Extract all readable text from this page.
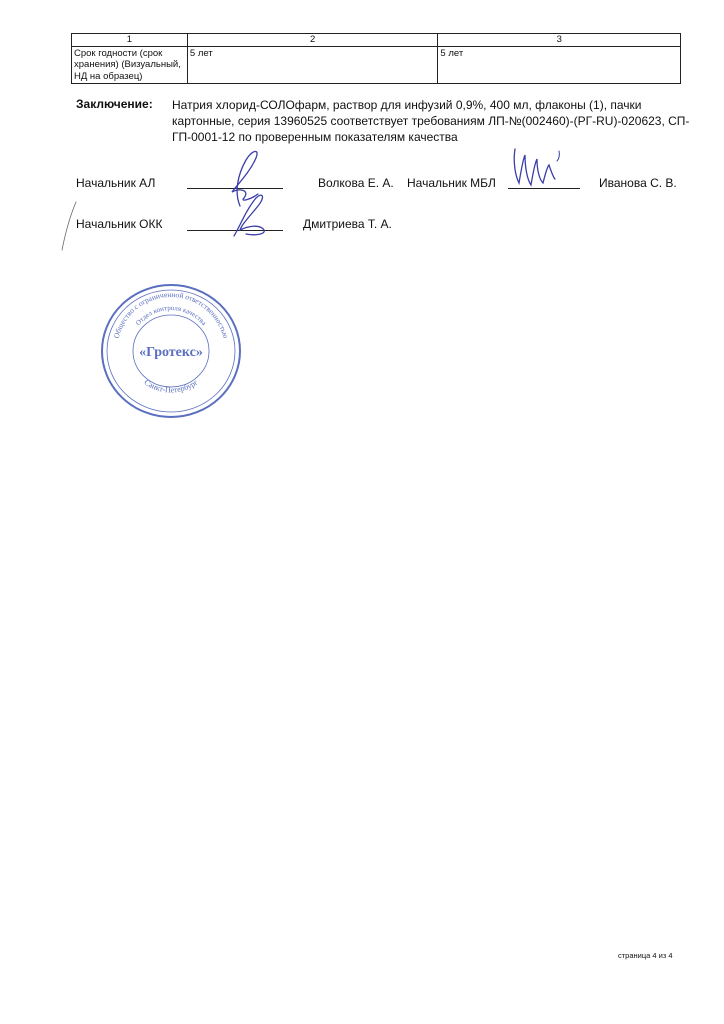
1	2	3
Срок годности (срок хранения) (Визуальный, НД на образец)	5 лет	5 лет
Заключение: Натрия хлорид-СОЛОфарм, раствор для инфузий 0,9%, 400 мл, флаконы (1), пачки картонные, серия 13960525 соответствует требованиям ЛП-№(002460)-(РГ-RU)-020623, СП-ГП-0001-12 по проверенным показателям качества
Начальник АЛ	Волкова Е. А. Начальник МБЛ	Иванова С. В.
Начальник ОКК	Дмитриева Т. А.
Общество с ограниченной ответственностью
Отдел контроля качества
Санкт-Петербург
«Гротекс»
страница 4 из 4
